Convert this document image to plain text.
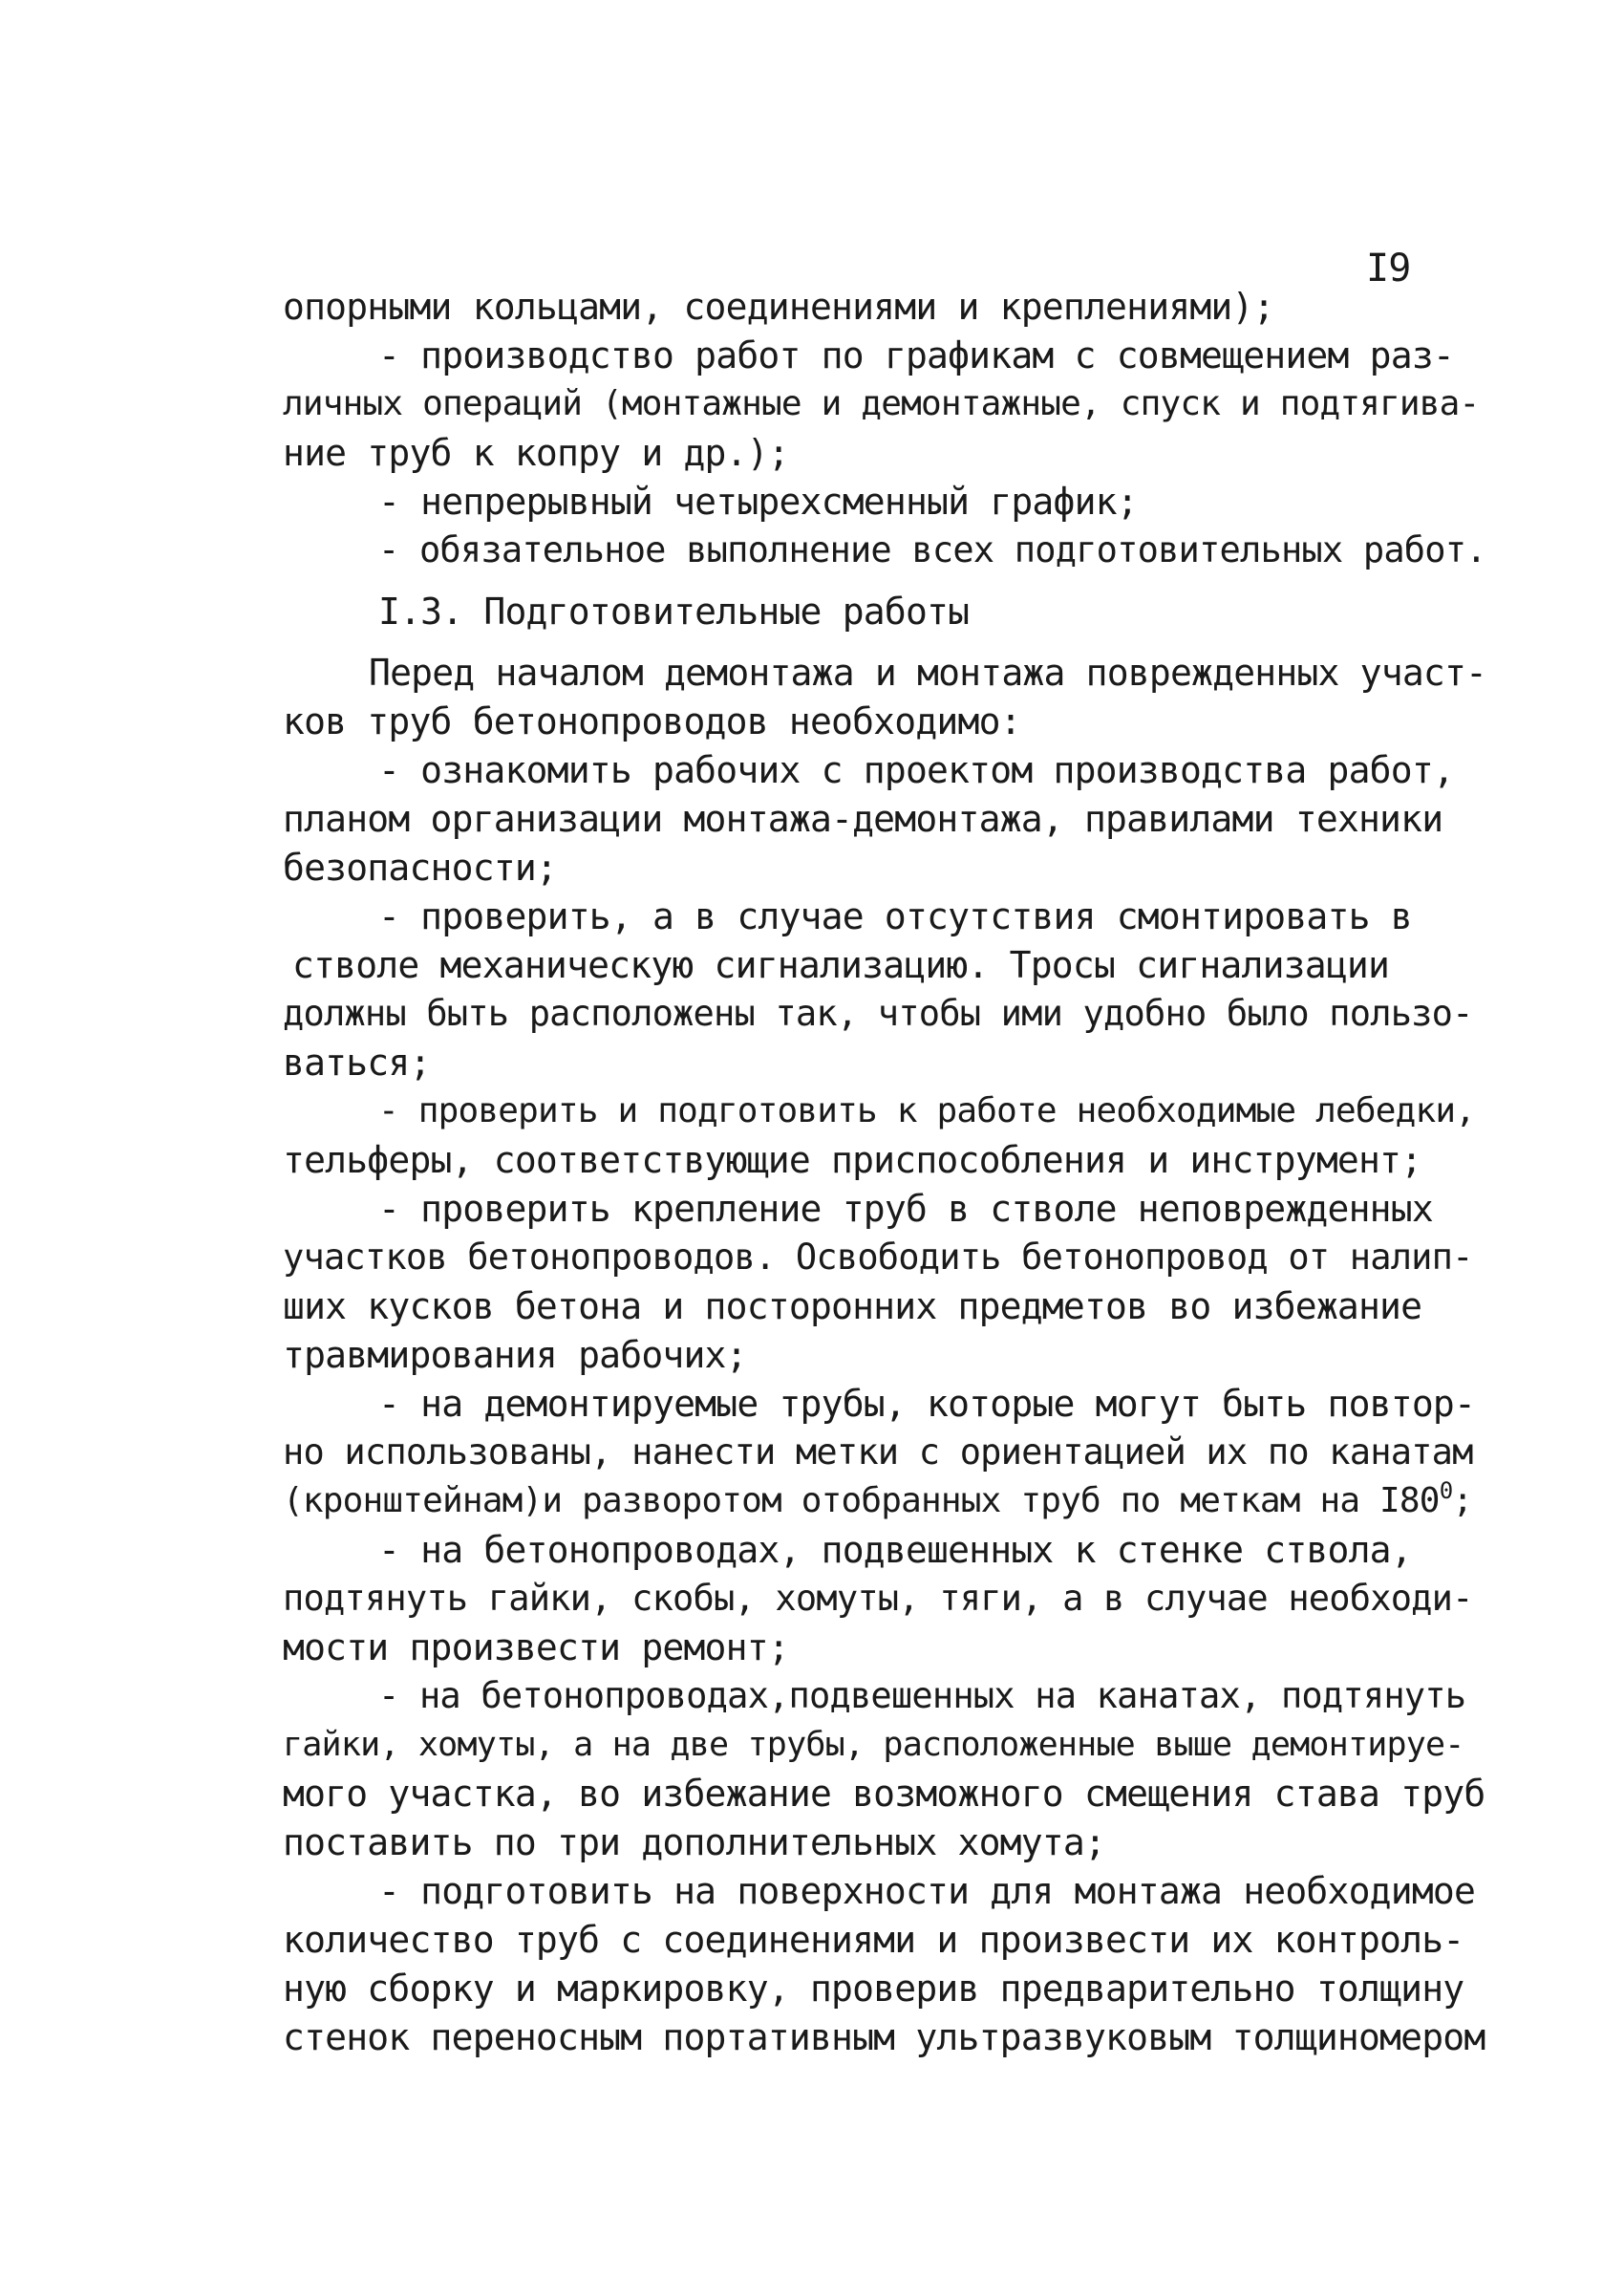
I9
опорными кольцами, соединениями и креплениями);
- производство работ по графикам с совмещением раз-
личных операций (монтажные и демонтажные, спуск и подтягива-
ние труб к копру и др.);
- непрерывный четырехсменный график;
- обязательное выполнение всех подготовительных работ.
I.3. Подготовительные работы
Перед началом демонтажа и монтажа поврежденных участ-
ков труб бетонопроводов необходимо:
- ознакомить рабочих с проектом производства работ,
планом организации монтажа-демонтажа, правилами техники
безопасности;
- проверить, а в случае отсутствия смонтировать в
стволе механическую сигнализацию. Тросы сигнализации
должны быть расположены так, чтобы ими удобно было пользо-
ваться;
- проверить и подготовить к работе необходимые лебедки,
тельферы, соответствующие приспособления и инструмент;
- проверить крепление труб в стволе неповрежденных
участков бетонопроводов. Освободить бетонопровод от налип-
ших кусков бетона и посторонних предметов во избежание
травмирования рабочих;
- на демонтируемые трубы, которые могут быть повтор-
но использованы, нанести метки с ориентацией их по канатам
(кронштейнам)и разворотом отобранных труб по меткам на $I80^0$;
- на бетонопроводах, подвешенных к стенке ствола,
подтянуть гайки, скобы, хомуты, тяги, а в случае необходи-
мости произвести ремонт;
- на бетонопроводах,подвешенных на канатах, подтянуть
гайки, хомуты, а на две трубы, расположенные выше демонтируе-
мого участка, во избежание возможного смещения става труб
поставить по три дополнительных хомута;
- подготовить на поверхности для монтажа необходимое
количество труб с соединениями и произвести их контроль-
ную сборку и маркировку, проверив предварительно толщину
стенок переносным портативным ультразвуковым толщиномером
